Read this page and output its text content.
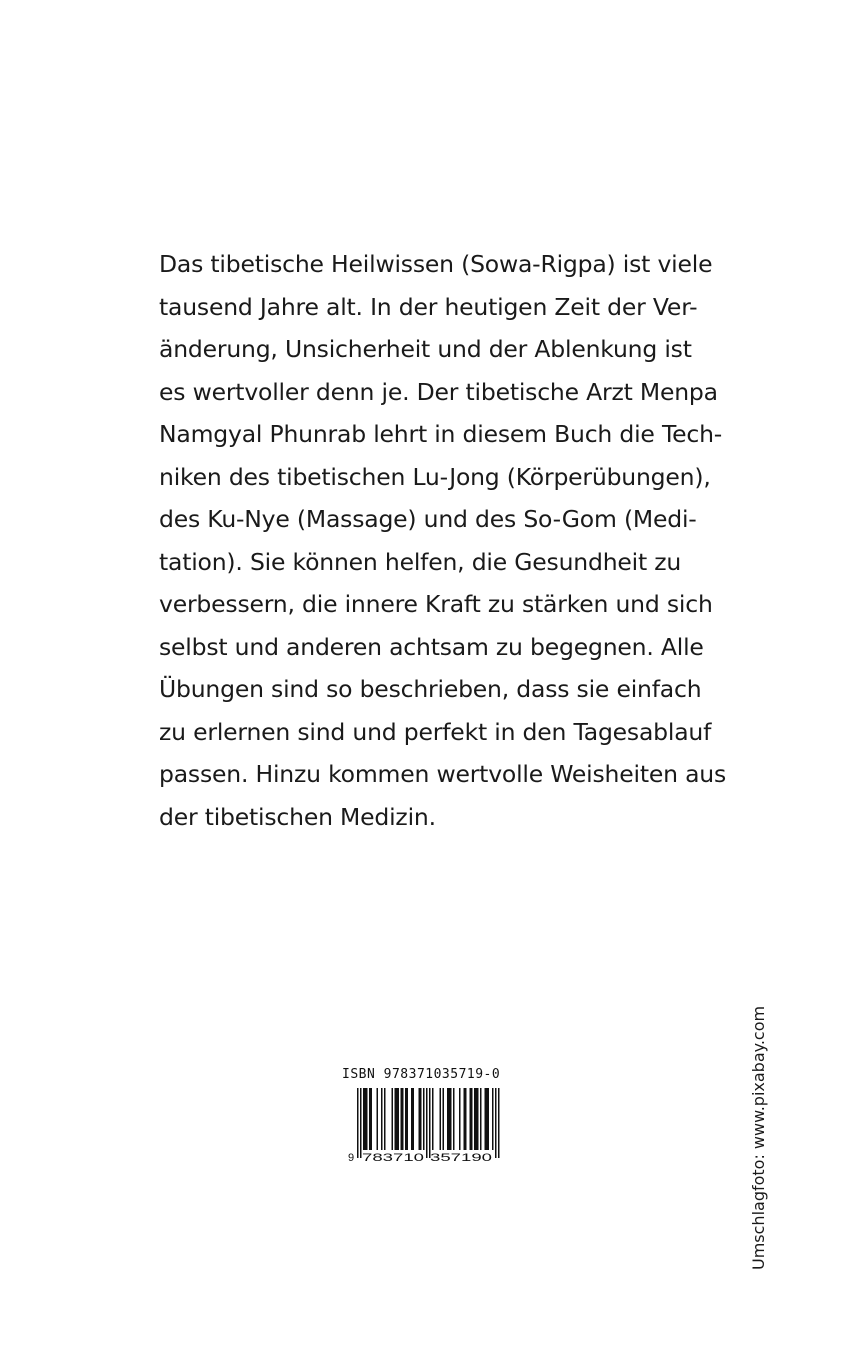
Das tibetische Heilwissen (Sowa-Rigpa) ist viele
tausend Jahre alt. In der heutigen Zeit der Ver-
änderung, Unsicherheit und der Ablenkung ist
es wertvoller denn je. Der tibetische Arzt Menpa
Namgyal Phunrab lehrt in diesem Buch die Tech-
niken des tibetischen Lu-Jong (Körperübungen),
des Ku-Nye (Massage) und des So-Gom (Medi-
tation). Sie können helfen, die Gesundheit zu
verbessern, die innere Kraft zu stärken und sich
selbst und anderen achtsam zu begegnen. Alle
Übungen sind so beschrieben, dass sie einfach
zu erlernen sind und perfekt in den Tagesablauf
passen. Hinzu kommen wertvolle Weisheiten aus
der tibetischen Medizin.
ISBN 978371035719-0
9 783710 357190	Umschlagfoto: www.pixabay.com
